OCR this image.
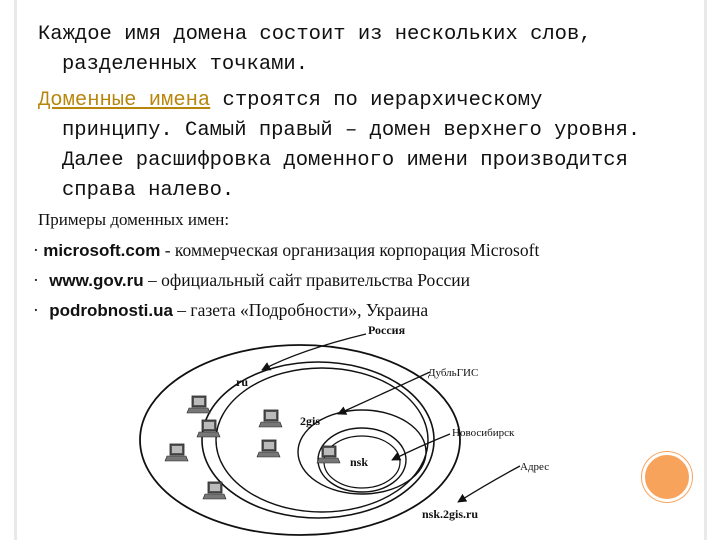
Каждое имя домена состоит из нескольких слов,
разделенных точками.
Доменные имена строятся по иерархическому
принципу. Самый правый – домен верхнего уровня.
Далее расшифровка доменного имени производится
справа налево.
Примеры доменных имен:
· microsoft.com - коммерческая организация корпорация Microsoft
· www.gov.ru – официальный сайт правительства России
· podrobnosti.ua – газета «Подробности», Украина
Россия
ru
ДубльГИС
2gis
Новосибирск
nsk	Адрес
nsk.2gis.ru
